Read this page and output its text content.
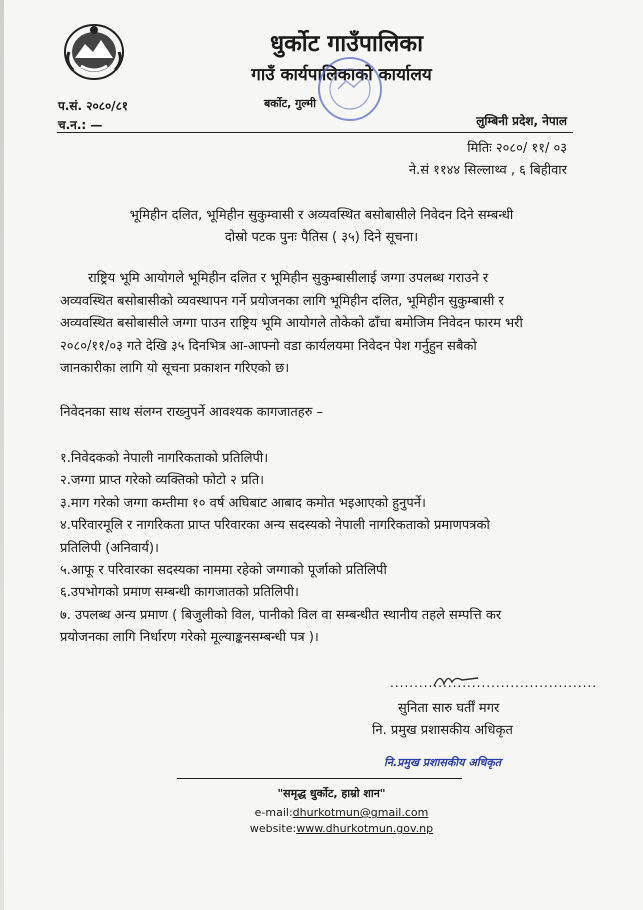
धुर्कोट गाउँपालिका
गाउँ कार्यपालिकाको कार्यालय
बर्कोट, गुल्मी
प.सं. २०८०/८१
च.न.: —	लुम्बिनी प्रदेश, नेपाल
मितिः २०८०/ ११/ ०३
ने.सं ११४४ सिल्लाथ्व , ६ बिहीवार
भूमिहीन दलित, भूमिहीन सुकुम्वासी र अव्यवस्थित बसोबासीले निवेदन दिने सम्बन्धी
दोस्रो पटक पुनः पैतिस ( ३५) दिने सूचना।
राष्ट्रिय भूमि आयोगले भूमिहीन दलित र भूमिहीन सुकुम्बासीलाई जग्गा उपलब्ध गराउने र
अव्यवस्थित बसोबासीको व्यवस्थापन गर्ने प्रयोजनका लागि भूमिहीन दलित, भूमिहीन सुकुम्बासी र
अव्यवस्थित बसोबासीले जग्गा पाउन राष्ट्रिय भूमि आयोगले तोकेको ढाँचा बमोजिम निवेदन फारम भरी
२०८०/११/०३ गते देखि ३५ दिनभित्र आ-आफ्नो वडा कार्यलयमा निवेदन पेश गर्नुहुन सबैको
जानकारीका लागि यो सूचना प्रकाशन गरिएको छ।
निवेदनका साथ संलग्न राख्नुपर्ने आवश्यक कागजातहरु –
१.निवेदकको नेपाली नागरिकताको प्रतिलिपी।
२.जग्गा प्राप्त गरेको व्यक्तिको फोटो २ प्रति।
३.माग गरेको जग्गा कम्तीमा १० वर्ष अघिबाट आबाद कमोत भइआएको हुनुपर्ने।
४.परिवारमूलि र नागरिकता प्राप्त परिवारका अन्य सदस्यको नेपाली नागरिकताको प्रमाणपत्रको
प्रतिलिपी (अनिवार्य)।
५.आफू र परिवारका सदस्यका नाममा रहेको जग्गाको पूर्जाको प्रतिलिपी
६.उपभोगको प्रमाण सम्बन्धी कागजातको प्रतिलिपी।
७. उपलब्ध अन्य प्रमाण ( बिजुलीको विल, पानीको विल वा सम्बन्धीत स्थानीय तहले सम्पत्ति कर
प्रयोजनका लागि निर्धारण गरेको मूल्याङ्कनसम्बन्धी पत्र )।
...........................................
सुनिता सारु घर्तीं मगर
नि. प्रमुख प्रशासकीय अधिकृत
नि.प्रमुख प्रशासकीय अधिकृत
"समृद्ध धुर्कोट, हाम्रो शान"
e-mail:dhurkotmun@gmail.com
website:www.dhurkotmun.gov.np
